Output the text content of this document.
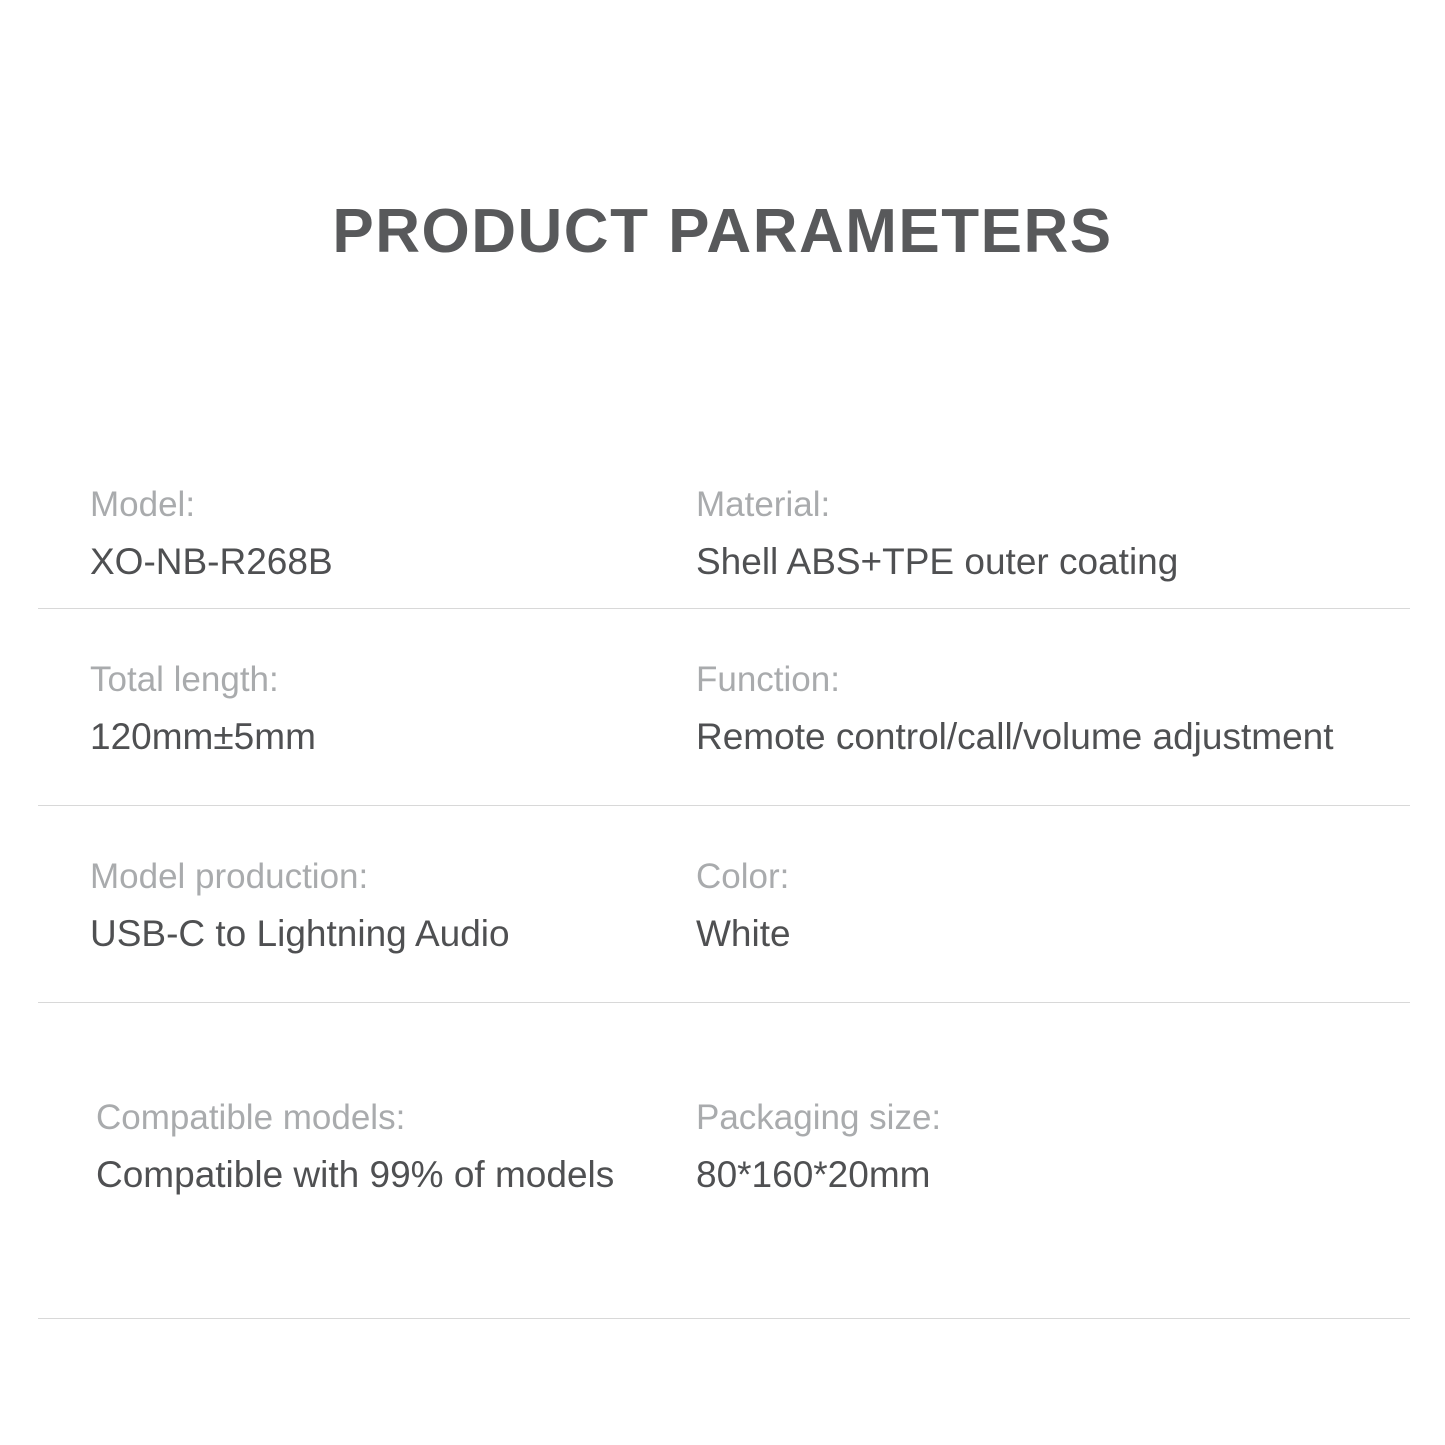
PRODUCT PARAMETERS
Model:
XO-NB-R268B
Material:
Shell ABS+TPE outer coating
Total length:
120mm±5mm
Function:
Remote control/call/volume adjustment
Model production:
USB-C to Lightning Audio
Color:
White
Compatible models:
Compatible with 99% of models
Packaging size:
80*160*20mm
